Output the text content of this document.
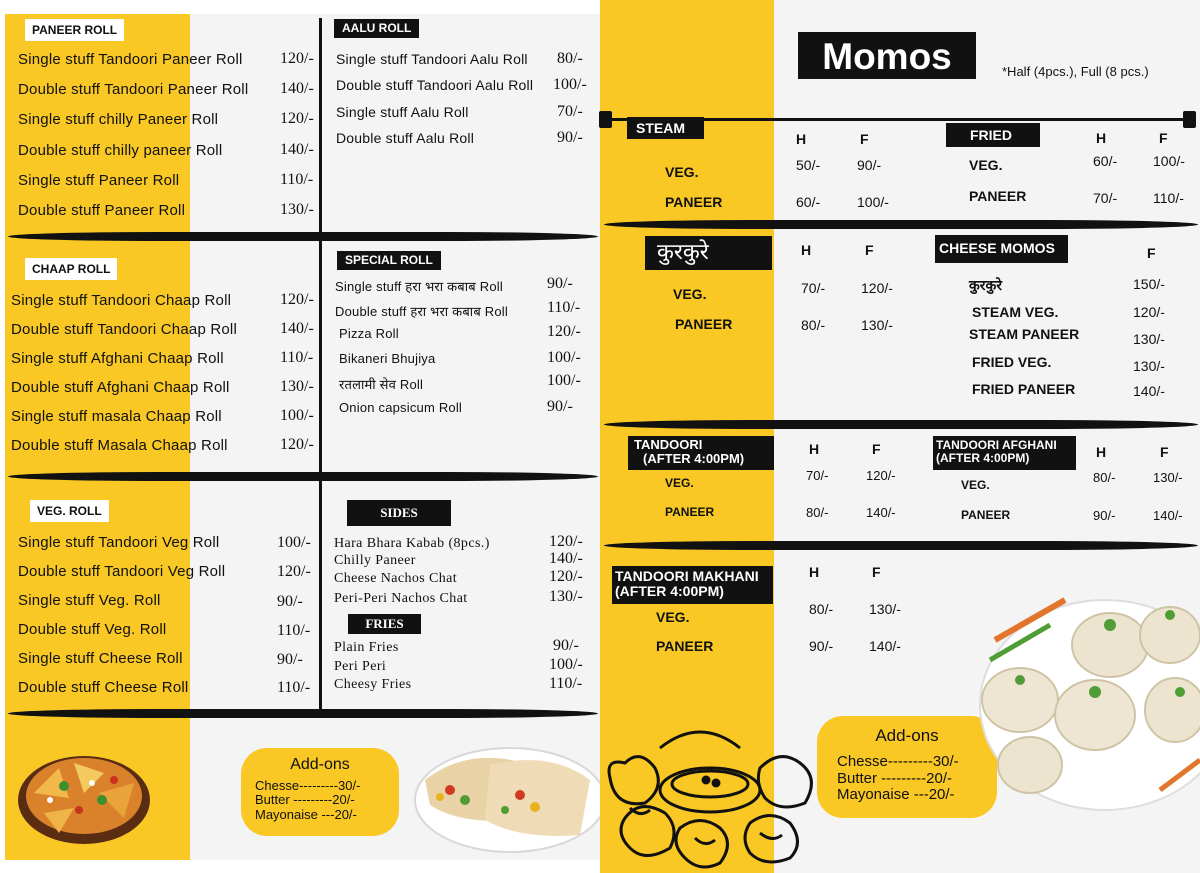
PANEER ROLL
Single stuff Tandoori Paneer Roll 120/-
Double stuff Tandoori Paneer Roll 140/-
Single stuff chilly Paneer Roll	120/-
Double stuff chilly paneer Roll	140/-
Single stuff Paneer Roll	110/-
Double stuff Paneer Roll	130/-
AALU ROLL
Single stuff Tandoori Aalu Roll 80/-
Double stuff Tandoori Aalu Roll 100/-
Single stuff Aalu Roll	70/-
Double stuff Aalu Roll	90/-
CHAAP ROLL
Single stuff Tandoori Chaap Roll	120/-
Double stuff Tandoori Chaap Roll	140/-
Single stuff Afghani Chaap Roll	110/-
Double stuff Afghani Chaap Roll	130/-
Single stuff masala Chaap Roll	100/-
Double stuff Masala Chaap Roll	120/-
SPECIAL ROLL
Single stuff हरा भरा कबाब Roll	90/-
Double stuff हरा भरा कबाब Roll 110/-
Pizza Roll	120/-
Bikaneri Bhujiya	100/-
रतलामी सेव Roll	100/-
Onion capsicum Roll	90/-
VEG. ROLL
Single stuff Tandoori Veg Roll	100/-
Double stuff Tandoori Veg Roll	120/-
Single stuff Veg. Roll	90/-
Double stuff Veg. Roll	110/-
Single stuff Cheese Roll	90/-
Double stuff Cheese Roll	110/-
SIDES
Hara Bhara Kabab (8pcs.)	120/-
Chilly Paneer	140/-
Cheese Nachos Chat	120/-
Peri-Peri Nachos Chat	130/-
FRIES
Plain Fries	90/-
Peri Peri	100/-
Cheesy Fries	110/-
Add-ons
Chesse---------30/-
Butter ---------20/-
Mayonaise ---20/-
Momos	*Half (4pcs.), Full (8 pcs.)
STEAM
H	F
VEG.	50/-	90/-
PANEER	60/-	100/-
FRIED	H	F
VEG.	60/-	100/-
PANEER	70/-	110/-
कुरकुरे	H	F
VEG.	70/-	120/-
PANEER	80/-	130/-
CHEESE MOMOS	F
कुरकुरे	150/-
STEAM VEG.	120/-
STEAM PANEER	130/-
FRIED VEG.	130/-
FRIED PANEER	140/-
TANDOORI
(AFTER 4:00PM)
H	F
VEG.	70/-	120/-
PANEER	80/-	140/-
TANDOORI AFGHANI
(AFTER 4:00PM)	H	F
VEG.	80/-	130/-
PANEER	90/-	140/-
TANDOORI MAKHANI
(AFTER 4:00PM)
H	F
VEG.	80/-	130/-
PANEER	90/-	140/-
Add-ons
Chesse---------30/-
Butter ---------20/-
Mayonaise ---20/-
